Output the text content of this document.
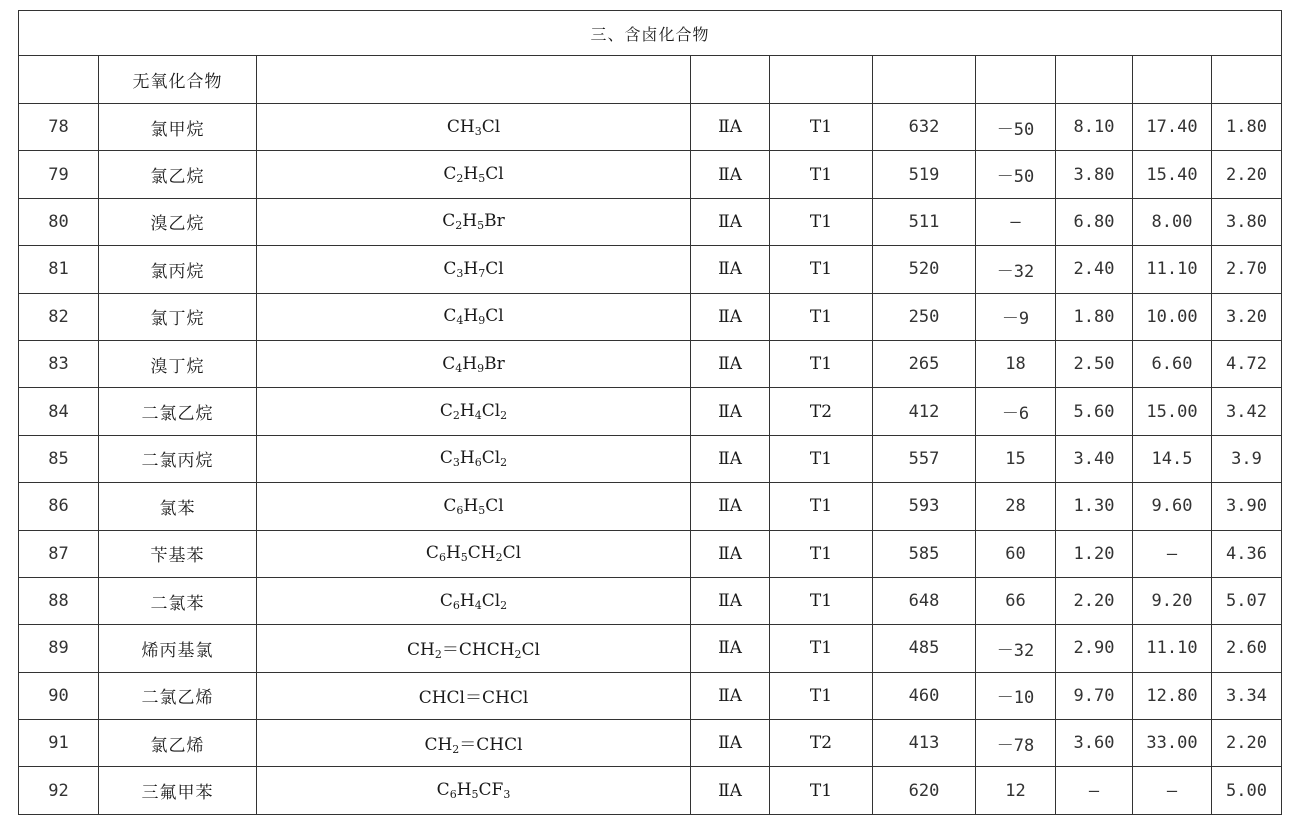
三、含卤化合物									
	无氧化合物								
78	氯甲烷	$CH_3Cl$	ⅡA	T1	632	－50	8.10	17.40	1.80
79	氯乙烷	$C_2H_5Cl$	ⅡA	T1	519	－50	3.80	15.40	2.20
80	溴乙烷	$C_2H_5Br$	ⅡA	T1	511	—	6.80	8.00	3.80
81	氯丙烷	$C_3H_7Cl$	ⅡA	T1	520	－32	2.40	11.10	2.70
82	氯丁烷	$C_4H_9Cl$	ⅡA	T1	250	－9	1.80	10.00	3.20
83	溴丁烷	$C_4H_9Br$	ⅡA	T1	265	18	2.50	6.60	4.72
84	二氯乙烷	$C_2H_4Cl_2$	ⅡA	T2	412	－6	5.60	15.00	3.42
85	二氯丙烷	$C_3H_6Cl_2$	ⅡA	T1	557	15	3.40	14.5	3.9
86	氯苯	$C_6H_5Cl$	ⅡA	T1	593	28	1.30	9.60	3.90
87	苄基苯	$C_6H_5CH_2Cl$	ⅡA	T1	585	60	1.20	—	4.36
88	二氯苯	$C_6H_4Cl_2$	ⅡA	T1	648	66	2.20	9.20	5.07
89	烯丙基氯	$CH_2=CHCH_2Cl$	ⅡA	T1	485	－32	2.90	11.10	2.60
90	二氯乙烯	CHCl＝CHCl	ⅡA	T1	460	－10	9.70	12.80	3.34
91	氯乙烯	$CH_2=CHCl$	ⅡA	T2	413	－78	3.60	33.00	2.20
92	三氟甲苯	$C_6H_5CF_3$	ⅡA	T1	620	12	—	—	5.00
